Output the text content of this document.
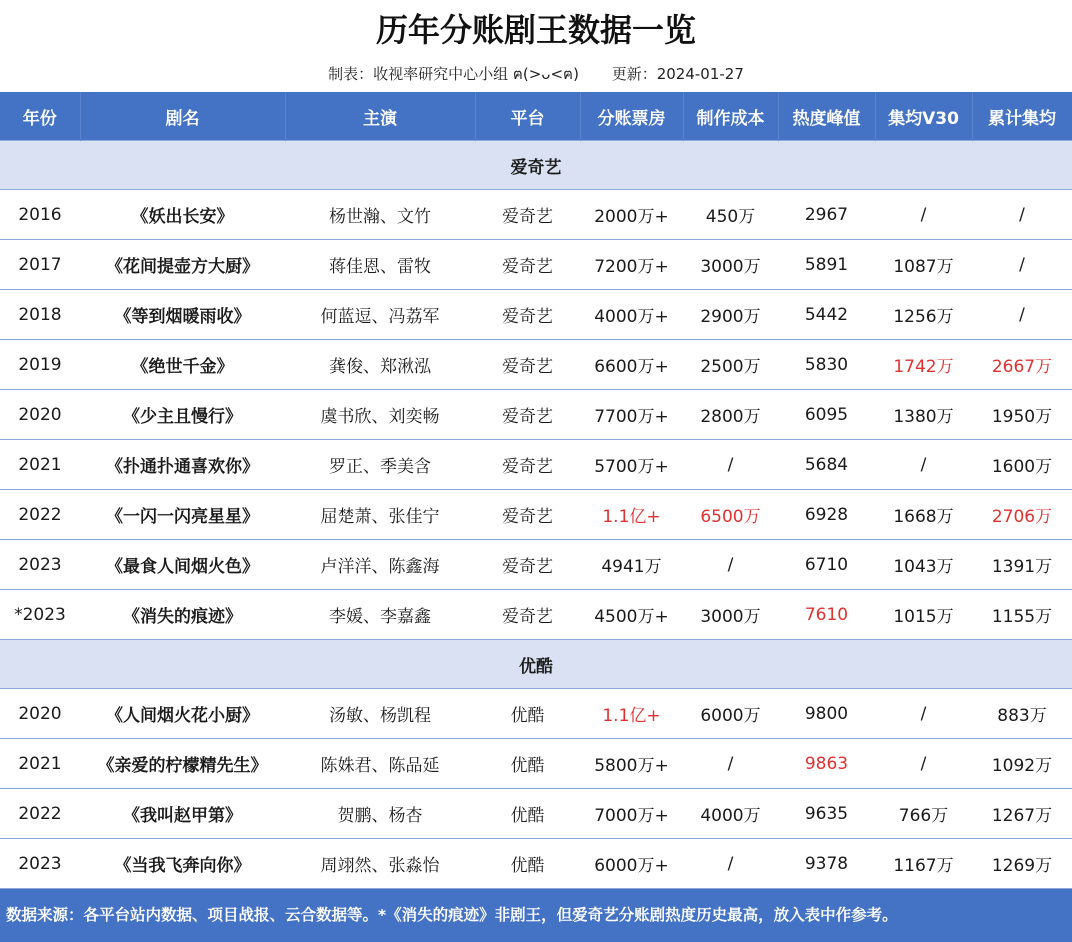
历年分账剧王数据一览
制表：收视率研究中心小组 ฅ(>ᴗ<ฅ) 更新：2024-01-27
年份	剧名	主演	平台	分账票房	制作成本	热度峰值	集均V30	累计集均
爱奇艺								
2016	《妖出长安》	杨世瀚、文竹	爱奇艺	2000万+	450万	2967	/	/
2017	《花间提壶方大厨》	蒋佳恩、雷牧	爱奇艺	7200万+	3000万	5891	1087万	/
2018	《等到烟暖雨收》	何蓝逗、冯荔军	爱奇艺	4000万+	2900万	5442	1256万	/
2019	《绝世千金》	龚俊、郑湫泓	爱奇艺	6600万+	2500万	5830	1742万	2667万
2020	《少主且慢行》	虞书欣、刘奕畅	爱奇艺	7700万+	2800万	6095	1380万	1950万
2021	《扑通扑通喜欢你》	罗正、季美含	爱奇艺	5700万+	/	5684	/	1600万
2022	《一闪一闪亮星星》	屈楚萧、张佳宁	爱奇艺	1.1亿+	6500万	6928	1668万	2706万
2023	《最食人间烟火色》	卢洋洋、陈鑫海	爱奇艺	4941万	/	6710	1043万	1391万
*2023	《消失的痕迹》	李媛、李嘉鑫	爱奇艺	4500万+	3000万	7610	1015万	1155万
优酷								
2020	《人间烟火花小厨》	汤敏、杨凯程	优酷	1.1亿+	6000万	9800	/	883万
2021	《亲爱的柠檬精先生》	陈姝君、陈品延	优酷	5800万+	/	9863	/	1092万
2022	《我叫赵甲第》	贺鹏、杨杏	优酷	7000万+	4000万	9635	766万	1267万
2023	《当我飞奔向你》	周翊然、张淼怡	优酷	6000万+	/	9378	1167万	1269万
数据来源：各平台站内数据、项目战报、云合数据等。*《消失的痕迹》非剧王，但爱奇艺分账剧热度历史最高，放入表中作参考。
